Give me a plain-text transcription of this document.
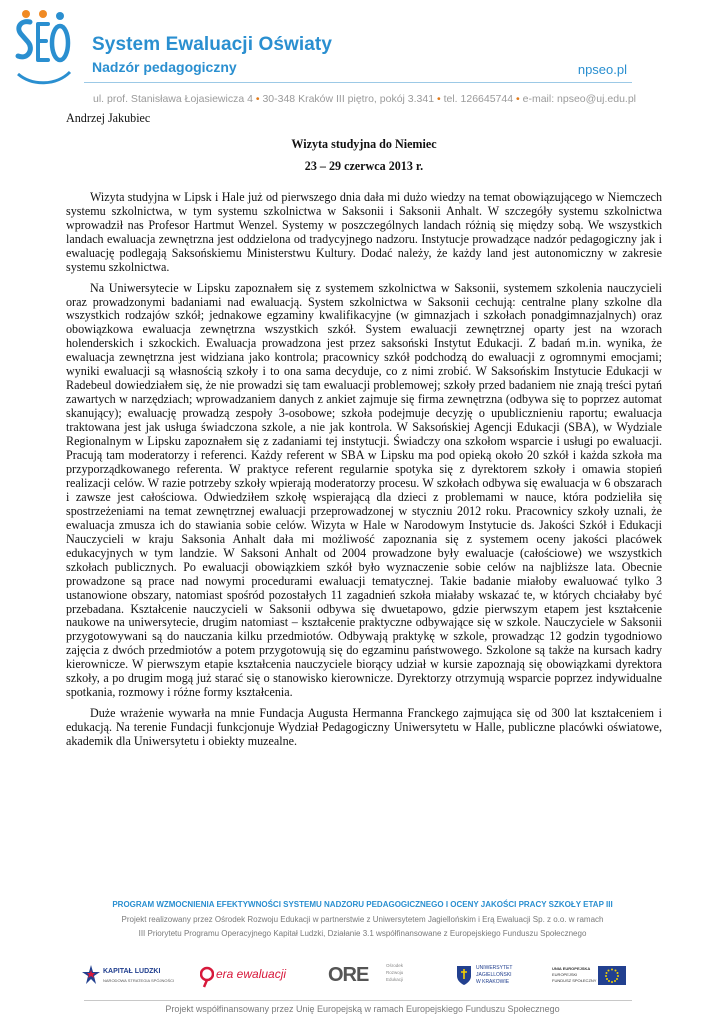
System Ewaluacji Oświaty
Nadzór pedagogiczny	npseo.pl
ul. prof. Stanisława Łojasiewicza 4 • 30-348 Kraków III piętro, pokój 3.341 • tel. 126645744 • e-mail: npseo@uj.edu.pl

Andrzej Jakubiec

Wizyta studyjna do Niemiec

23 – 29 czerwca 2013 r.

Wizyta studyjna w Lipsk i Hale już od pierwszego dnia dała mi dużo wiedzy na temat obowiązującego w Niemczech systemu szkolnictwa, w tym systemu szkolnictwa w Saksonii i Saksonii Anhalt. W szczegóły systemu szkolnictwa wprowadził nas Profesor Hartmut Wenzel. Systemy w poszczególnych landach różnią się między sobą. We wszystkich landach ewaluacja zewnętrzna jest oddzielona od tradycyjnego nadzoru. Instytucje prowadzące nadzór pedagogiczny jak i ewaluację podlegają Saksońskiemu Ministerstwu Kultury. Dodać należy, że każdy land jest autonomiczny w zakresie systemu szkolnictwa.

Na Uniwersytecie w Lipsku zapoznałem się z systemem szkolnictwa w Saksonii, systemem szkolenia nauczycieli oraz prowadzonymi badaniami nad ewaluacją. System szkolnictwa w Saksonii cechują: centralne plany szkolne dla wszystkich rodzajów szkół; jednakowe egzaminy kwalifikacyjne (w gimnazjach i szkołach ponadgimnazjalnych) oraz obowiązkowa ewaluacja zewnętrzna wszystkich szkół. System ewaluacji zewnętrznej oparty jest na wzorach holenderskich i szkockich. Ewaluacja prowadzona jest przez saksoński Instytut Edukacji. Z badań m.in. wynika, że ewaluacja zewnętrzna jest widziana jako kontrola; pracownicy szkół podchodzą do ewaluacji z ogromnymi emocjami; wyniki ewaluacji są własnością szkoły i to ona sama decyduje, co z nimi zrobić. W Saksońskim Instytucie Edukacji w Radebeul dowiedziałem się, że nie prowadzi się tam ewaluacji problemowej; szkoły przed badaniem nie znają treści pytań zawartych w narzędziach; wprowadzaniem danych z ankiet zajmuje się firma zewnętrzna (odbywa się to poprzez automat skanujący); ewaluację prowadzą zespoły 3-osobowe; szkoła podejmuje decyzję o upublicznieniu raportu; ewaluacja traktowana jest jak usługa świadczona szkole, a nie jak kontrola. W Saksońskiej Agencji Edukacji (SBA), w Wydziale Regionalnym w Lipsku zapoznałem się z zadaniami tej instytucji. Świadczy ona szkołom wsparcie i usługi po ewaluacji. Pracują tam moderatorzy i referenci. Każdy referent w SBA w Lipsku ma pod opieką około 20 szkół i każda szkoła ma przyporządkowanego referenta. W praktyce referent regularnie spotyka się z dyrektorem szkoły i omawia stopień realizacji celów. W razie potrzeby szkoły wpierają moderatorzy procesu. W szkołach odbywa się ewaluacja w 6 obszarach i zawsze jest całościowa. Odwiedziłem szkołę wspierającą dla dzieci z problemami w nauce, która podzieliła się spostrzeżeniami na temat zewnętrznej ewaluacji przeprowadzonej w styczniu 2012 roku. Pracownicy szkoły uznali, że ewaluacja zmusza ich do stawiania sobie celów. Wizyta w Hale w Narodowym Instytucie ds. Jakości Szkół i Edukacji Nauczycieli w kraju Saksonia Anhalt dała mi możliwość zapoznania się z systemem oceny jakości placówek edukacyjnych w tym landzie. W Saksoni Anhalt od 2004 prowadzone były ewaluacje (całościowe) we wszystkich szkołach publicznych. Po ewaluacji obowiązkiem szkół było wyznaczenie sobie celów na najbliższe lata. Obecnie prowadzone są prace nad nowymi procedurami ewaluacji tematycznej. Takie badanie miałoby ewaluować tylko 3 ustanowione obszary, natomiast spośród pozostałych 11 zagadnień szkoła miałaby wskazać te, w których chciałaby być przebadana. Kształcenie nauczycieli w Saksonii odbywa się dwuetapowo, gdzie pierwszym etapem jest kształcenie naukowe na uniwersytecie, drugim natomiast – kształcenie praktyczne odbywające się w szkole. Nauczyciele w Saksonii przygotowywani są do nauczania kilku przedmiotów. Odbywają praktykę w szkole, prowadząc 12 godzin tygodniowo zajęcia z dwóch przedmiotów a potem przygotowują się do egzaminu państwowego. Szkolone są także na kursach kadry kierownicze. W pierwszym etapie kształcenia nauczyciele biorący udział w kursie zapoznają się obowiązkami dyrektora szkoły, a po drugim mogą już starać się o stanowisko kierownicze. Dyrektorzy otrzymują wsparcie poprzez indywidualne spotkania, rozmowy i różne formy kształcenia.

Duże wrażenie wywarła na mnie Fundacja Augusta Hermanna Franckego zajmująca się od 300 lat kształceniem i edukacją. Na terenie Fundacji funkcjonuje Wydział Pedagogiczny Uniwersytetu w Halle, publiczne placówki oświatowe, akademik dla Uniwersytetu i obiekty muzealne.

PROGRAM WZMOCNIENIA EFEKTYWNOŚCI SYSTEMU NADZORU PEDAGOGICZNEGO I OCENY JAKOŚCI PRACY SZKOŁY ETAP III
Projekt realizowany przez Ośrodek Rozwoju Edukacji w partnerstwie z Uniwersytetem Jagiellońskim i Erą Ewaluacji Sp. z o.o. w ramach
III Priorytetu Programu Operacyjnego Kapitał Ludzki, Działanie 3.1 współfinansowane z Europejskiego Funduszu Społecznego
KAPITAŁ LUDZKI
NARODOWA STRATEGIA SPÓJNOŚCI	era ewaluacji ORE	Ośrodek
Rozwoju
Edukacji
UNIWERSYTET
JAGIELLOŃSKI
W KRAKOWIE
UNIA EUROPEJSKA
EUROPEJSKI
FUNDUSZ SPOŁECZNY
Projekt współfinansowany przez Unię Europejską w ramach Europejskiego Funduszu Społecznego
